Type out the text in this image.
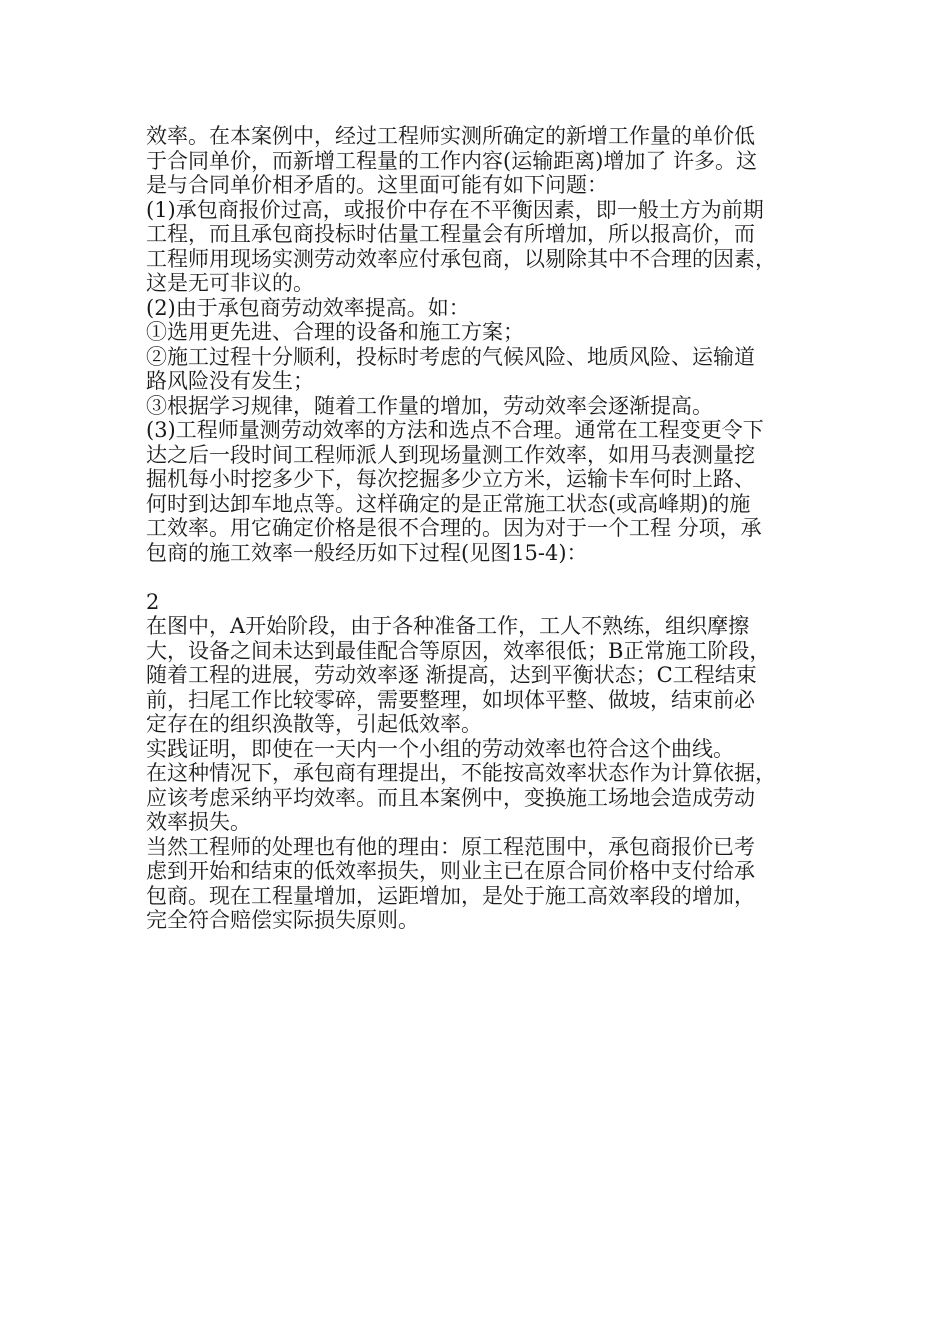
效率。在本案例中，经过工程师实测所确定的新增工作量的单价低
于合同单价，而新增工程量的工作内容(运输距离)增加了 许多。这
是与合同单价相矛盾的。这里面可能有如下问题：
(1)承包商报价过高，或报价中存在不平衡因素，即一般土方为前期
工程，而且承包商投标时估量工程量会有所增加，所以报高价，而
工程师用现场实测劳动效率应付承包商，以剔除其中不合理的因素，
这是无可非议的。
(2)由于承包商劳动效率提高。如：
①选用更先进、合理的设备和施工方案；
②施工过程十分顺利，投标时考虑的气候风险、地质风险、运输道
路风险没有发生；
③根据学习规律，随着工作量的增加，劳动效率会逐渐提高。
(3)工程师量测劳动效率的方法和选点不合理。通常在工程变更令下
达之后一段时间工程师派人到现场量测工作效率，如用马表测量挖
掘机每小时挖多少下，每次挖掘多少立方米，运输卡车何时上路、
何时到达卸车地点等。这样确定的是正常施工状态(或高峰期)的施
工效率。用它确定价格是很不合理的。因为对于一个工程 分项，承
包商的施工效率一般经历如下过程(见图15-4)：
2
在图中，A开始阶段，由于各种准备工作，工人不熟练，组织摩擦
大，设备之间未达到最佳配合等原因，效率很低；B正常施工阶段，
随着工程的进展，劳动效率逐 渐提高，达到平衡状态；C工程结束
前，扫尾工作比较零碎，需要整理，如坝体平整、做坡，结束前必
定存在的组织涣散等，引起低效率。
实践证明，即使在一天内一个小组的劳动效率也符合这个曲线。
在这种情况下，承包商有理提出，不能按高效率状态作为计算依据，
应该考虑采纳平均效率。而且本案例中，变换施工场地会造成劳动
效率损失。
当然工程师的处理也有他的理由：原工程范围中，承包商报价已考
虑到开始和结束的低效率损失，则业主已在原合同价格中支付给承
包商。现在工程量增加，运距增加，是处于施工高效率段的增加，
完全符合赔偿实际损失原则。
